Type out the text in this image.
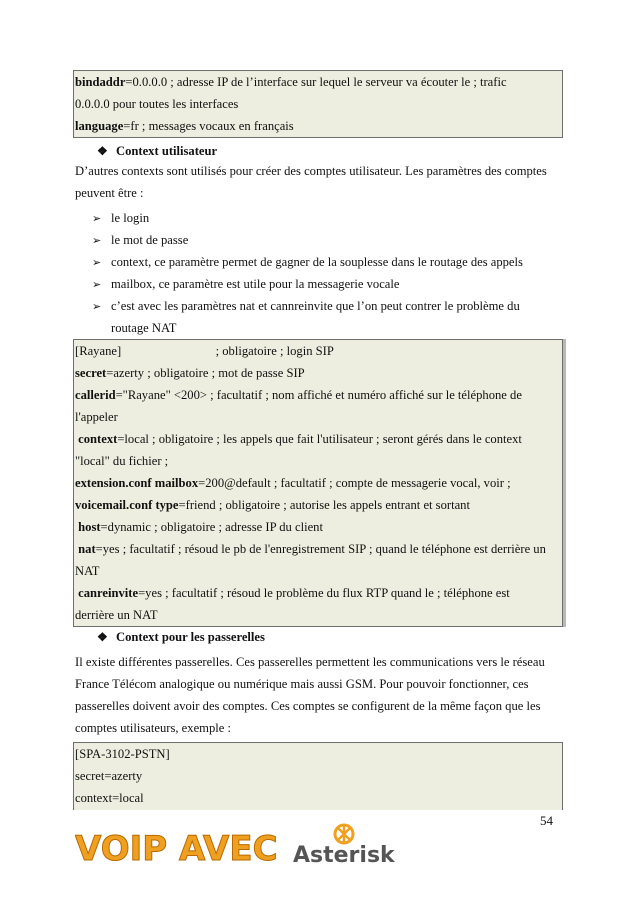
bindaddr=0.0.0.0 ; adresse IP de l’interface sur lequel le serveur va écouter le ; trafic
0.0.0.0 pour toutes les interfaces
language=fr ; messages vocaux en français
❖ Context utilisateur
D’autres contexts sont utilisés pour créer des comptes utilisateur. Les paramètres des comptes
peuvent être :
➢ le login
➢ le mot de passe
➢ context, ce paramètre permet de gagner de la souplesse dans le routage des appels
➢ mailbox, ce paramètre est utile pour la messagerie vocale
➢ c’est avec les paramètres nat et cannreinvite que l’on peut contrer le problème du
routage NAT
[Rayane]                              ; obligatoire ; login SIP
secret=azerty ; obligatoire ; mot de passe SIP
callerid="Rayane" <200> ; facultatif ; nom affiché et numéro affiché sur le téléphone de
l'appeler
context=local ; obligatoire ; les appels que fait l'utilisateur ; seront gérés dans le context
"local" du fichier ;
extension.conf mailbox=200@default ; facultatif ; compte de messagerie vocal, voir ;
voicemail.conf type=friend ; obligatoire ; autorise les appels entrant et sortant
host=dynamic ; obligatoire ; adresse IP du client
nat=yes ; facultatif ; résoud le pb de l'enregistrement SIP ; quand le téléphone est derrière un
NAT
canreinvite=yes ; facultatif ; résoud le problème du flux RTP quand le ; téléphone est
derrière un NAT
❖ Context pour les passerelles
Il existe différentes passerelles. Ces passerelles permettent les communications vers le réseau
France Télécom analogique ou numérique mais aussi GSM. Pour pouvoir fonctionner, ces
passerelles doivent avoir des comptes. Ces comptes se configurent de la même façon que les
comptes utilisateurs, exemple :
[SPA-3102-PSTN]
secret=azerty
context=local
54
VOIP AVEC Asterisk
